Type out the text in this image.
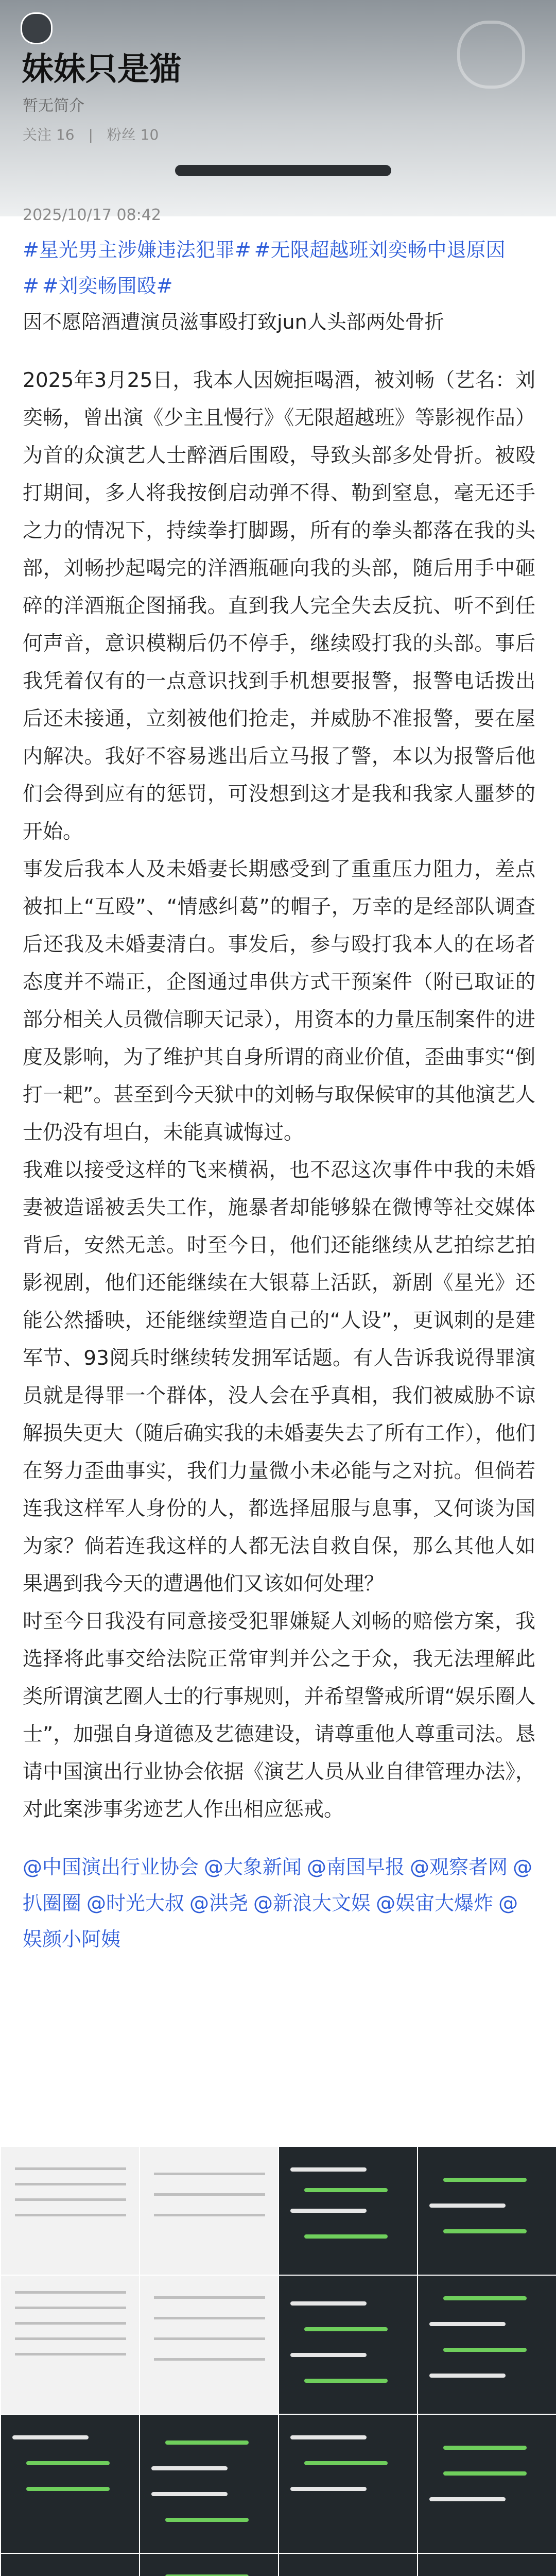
妹妹只是猫
暂无简介
关注 16 | 粉丝 10
2025/10/17 08:42
#星光男主涉嫌违法犯罪# #无限超越班刘奕畅中退原因# #刘奕畅围殴#
因不愿陪酒遭演员滋事殴打致jun人头部两处骨折

2025年3月25日，我本人因婉拒喝酒，被刘畅（艺名：刘奕畅，曾出演《少主且慢行》《无限超越班》等影视作品）为首的众演艺人士醉酒后围殴，导致头部多处骨折。被殴打期间，多人将我按倒启动弹不得、勒到窒息，毫无还手之力的情况下，持续拳打脚踢，所有的拳头都落在我的头部，刘畅抄起喝完的洋酒瓶砸向我的头部，随后用手中砸碎的洋酒瓶企图捅我。直到我人完全失去反抗、听不到任何声音，意识模糊后仍不停手，继续殴打我的头部。事后我凭着仅有的一点意识找到手机想要报警，报警电话拨出后还未接通，立刻被他们抢走，并威胁不准报警，要在屋内解决。我好不容易逃出后立马报了警，本以为报警后他们会得到应有的惩罚，可没想到这才是我和我家人噩梦的开始。

事发后我本人及未婚妻长期感受到了重重压力阻力，差点被扣上“互殴”、“情感纠葛”的帽子，万幸的是经部队调查后还我及未婚妻清白。事发后，参与殴打我本人的在场者态度并不端正，企图通过串供方式干预案件（附已取证的部分相关人员微信聊天记录），用资本的力量压制案件的进度及影响，为了维护其自身所谓的商业价值，歪曲事实“倒打一耙”。甚至到今天狱中的刘畅与取保候审的其他演艺人士仍没有坦白，未能真诚悔过。

我难以接受这样的飞来横祸，也不忍这次事件中我的未婚妻被造谣被丢失工作，施暴者却能够躲在微博等社交媒体背后，安然无恙。时至今日，他们还能继续从艺拍综艺拍影视剧，他们还能继续在大银幕上活跃，新剧《星光》还能公然播映，还能继续塑造自己的“人设”，更讽刺的是建军节、93阅兵时继续转发拥军话题。有人告诉我说得罪演员就是得罪一个群体，没人会在乎真相，我们被威胁不谅解损失更大（随后确实我的未婚妻失去了所有工作），他们在努力歪曲事实，我们力量微小未必能与之对抗。但倘若连我这样军人身份的人，都选择屈服与息事，又何谈为国为家？倘若连我这样的人都无法自救自保，那么其他人如果遇到我今天的遭遇他们又该如何处理？

时至今日我没有同意接受犯罪嫌疑人刘畅的赔偿方案，我选择将此事交给法院正常审判并公之于众，我无法理解此类所谓演艺圈人士的行事规则，并希望警戒所谓“娱乐圈人士”，加强自身道德及艺德建设，请尊重他人尊重司法。恳请中国演出行业协会依据《演艺人员从业自律管理办法》，对此案涉事劣迹艺人作出相应惩戒。

@中国演出行业协会 @大象新闻 @南国早报 @观察者网 @扒圈圈 @时光大叔 @洪尧 @新浪大文娱 @娱宙大爆炸 @娱颜小阿姨
